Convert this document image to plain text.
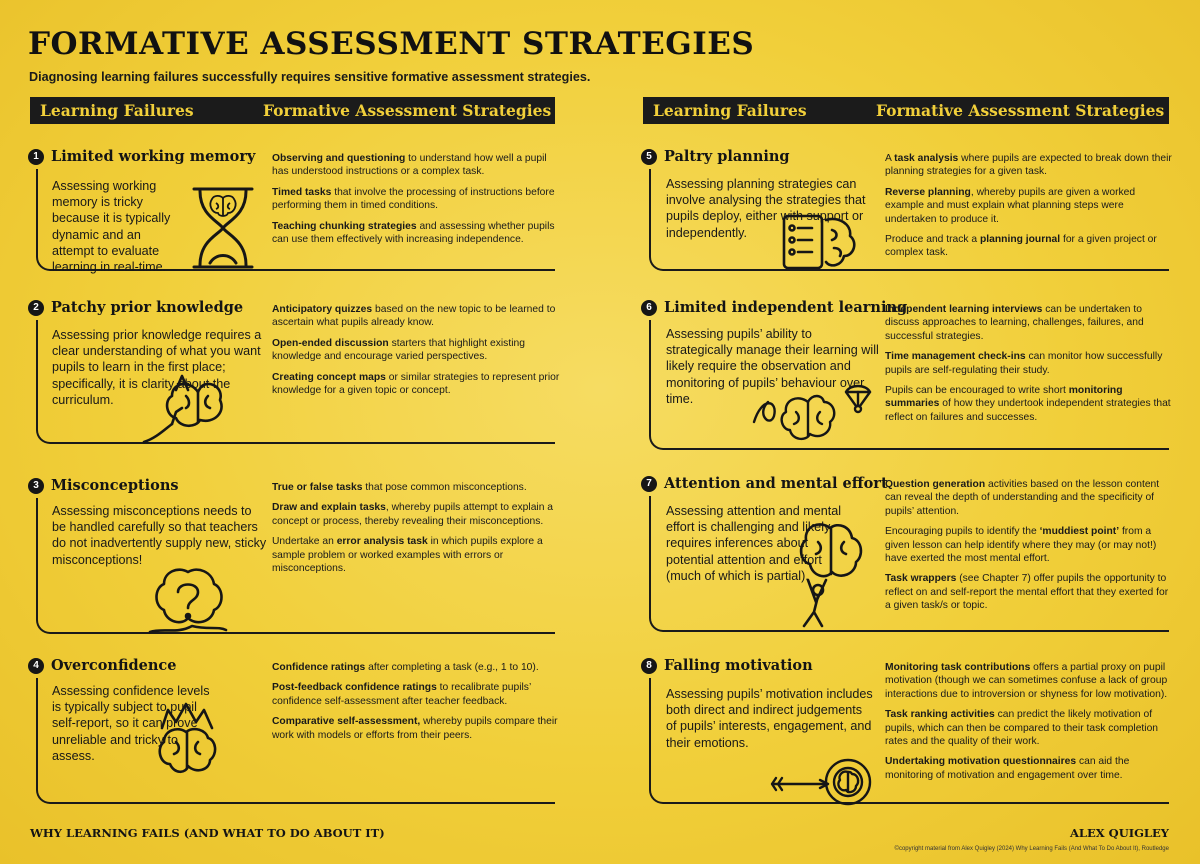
FORMATIVE ASSESSMENT STRATEGIES
Diagnosing learning failures successfully requires sensitive formative assessment strategies.
Learning Failures	Formative Assessment Strategies	Learning Failures	Formative Assessment Strategies
1 Limited working memory
Assessing working memory is tricky because it is typically dynamic and an attempt to evaluate learning in real-time.

Observing and questioning to understand how well a pupil has understood instructions or a complex task.

Timed tasks that involve the processing of instructions before performing them in timed conditions.

Teaching chunking strategies and assessing whether pupils can use them effectively with increasing independence.

2 Patchy prior knowledge
Assessing prior knowledge requires a clear understanding of what you want pupils to learn in the first place; specifically, it is clarity about the curriculum.

Anticipatory quizzes based on the new topic to be learned to ascertain what pupils already know.

Open-ended discussion starters that highlight existing knowledge and encourage varied perspectives.

Creating concept maps or similar strategies to represent prior knowledge for a given topic or concept.

3 Misconceptions
Assessing misconceptions needs to be handled carefully so that teachers do not inadvertently supply new, sticky misconceptions!

True or false tasks that pose common misconceptions.

Draw and explain tasks, whereby pupils attempt to explain a concept or process, thereby revealing their misconceptions.

Undertake an error analysis task in which pupils explore a sample problem or worked examples with errors or misconceptions.

4 Overconfidence
Assessing confidence levels is typically subject to pupil self-report, so it can prove unreliable and tricky to assess.

Confidence ratings after completing a task (e.g., 1 to 10).

Post-feedback confidence ratings to recalibrate pupils’ confidence self-assessment after teacher feedback.

Comparative self-assessment, whereby pupils compare their work with models or efforts from their peers.

5 Paltry planning
Assessing planning strategies can involve analysing the strategies that pupils deploy, either with support or independently.

A task analysis where pupils are expected to break down their planning strategies for a given task.

Reverse planning, whereby pupils are given a worked example and must explain what planning steps were undertaken to produce it.

Produce and track a planning journal for a given project or complex task.

6 Limited independent learning
Assessing pupils’ ability to strategically manage their learning will likely require the observation and monitoring of pupils’ behaviour over time.

Independent learning interviews can be undertaken to discuss approaches to learning, challenges, failures, and successful strategies.

Time management check-ins can monitor how successfully pupils are self-regulating their study.

Pupils can be encouraged to write short monitoring summaries of how they undertook independent strategies that reflect on failures and successes.

7 Attention and mental effort
Assessing attention and mental effort is challenging and likely requires inferences about potential attention and effort (much of which is partial).

Question generation activities based on the lesson content can reveal the depth of understanding and the specificity of pupils’ attention.

Encouraging pupils to identify the ‘muddiest point’ from a given lesson can help identify where they may (or may not!) have exerted the most mental effort.

Task wrappers (see Chapter 7) offer pupils the opportunity to reflect on and self-report the mental effort that they exerted for a given task/s or topic.

8 Falling motivation
Assessing pupils’ motivation includes both direct and indirect judgements of pupils’ interests, engagement, and their emotions.

Monitoring task contributions offers a partial proxy on pupil motivation (though we can sometimes confuse a lack of group interactions due to introversion or shyness for low motivation).

Task ranking activities can predict the likely motivation of pupils, which can then be compared to their task completion rates and the quality of their work.

Undertaking motivation questionnaires can aid the monitoring of motivation and engagement over time.

WHY LEARNING FAILS (AND WHAT TO DO ABOUT IT)	ALEX QUIGLEY
©copyright material from Alex Quigley (2024) Why Learning Fails (And What To Do About It), Routledge
